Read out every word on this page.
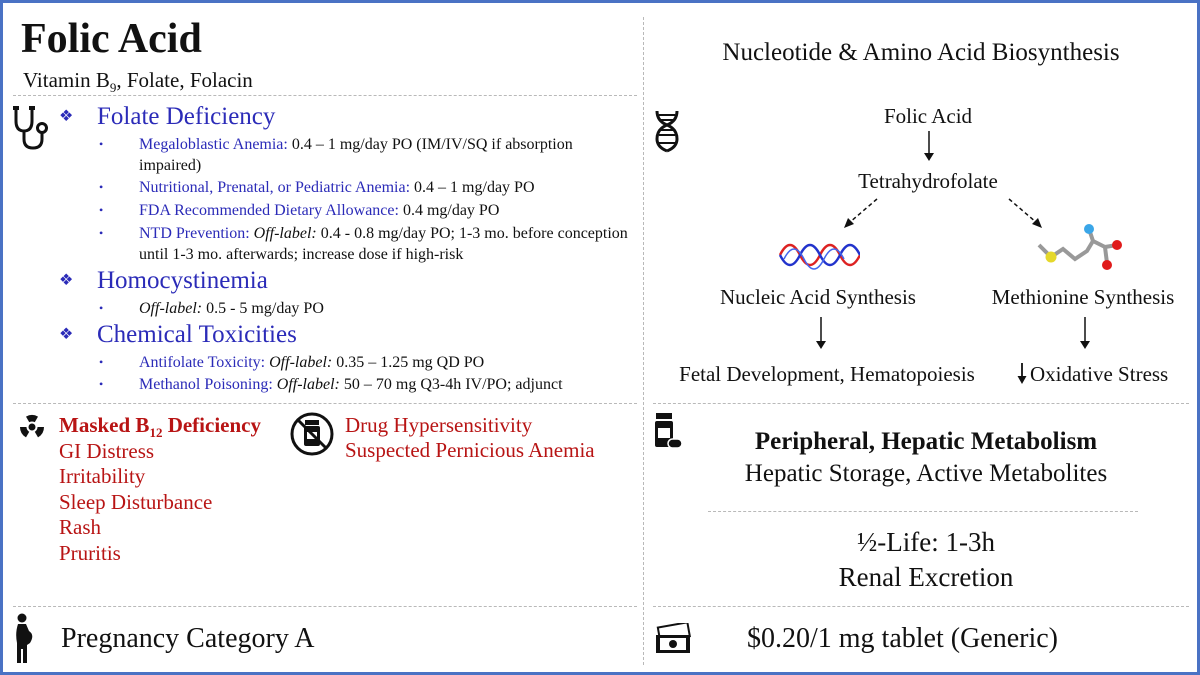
Folic Acid
Vitamin $B_9$, Folate, Folacin
❖ Folate Deficiency
•	Megaloblastic Anemia: 0.4 – 1 mg/day PO (IM/IV/SQ if absorption impaired)
•	Nutritional, Prenatal, or Pediatric Anemia: 0.4 – 1 mg/day PO
•	FDA Recommended Dietary Allowance: 0.4 mg/day PO
•	NTD Prevention: Off-label: 0.4 - 0.8 mg/day PO; 1-3 mo. before conception until 1-3 mo. afterwards; increase dose if high-risk
❖ Homocystinemia
•	Off-label: 0.5 - 5 mg/day PO
❖ Chemical Toxicities
•	Antifolate Toxicity: Off-label: 0.35 – 1.25 mg QD PO
•	Methanol Poisoning: Off-label: 50 – 70 mg Q3-4h IV/PO; adjunct
Masked $B_{12}$ Deficiency
GI Distress
Irritability
Sleep Disturbance
Rash
Pruritis
Drug Hypersensitivity
Suspected Pernicious Anemia
Pregnancy Category A
Nucleotide & Amino Acid Biosynthesis
Folic Acid
Tetrahydrofolate
Nucleic Acid Synthesis	Methionine Synthesis
Fetal Development, Hematopoiesis	Oxidative Stress
Peripheral, Hepatic Metabolism
Hepatic Storage, Active Metabolites
½-Life: 1-3h
Renal Excretion
$0.20/1 mg tablet (Generic)
